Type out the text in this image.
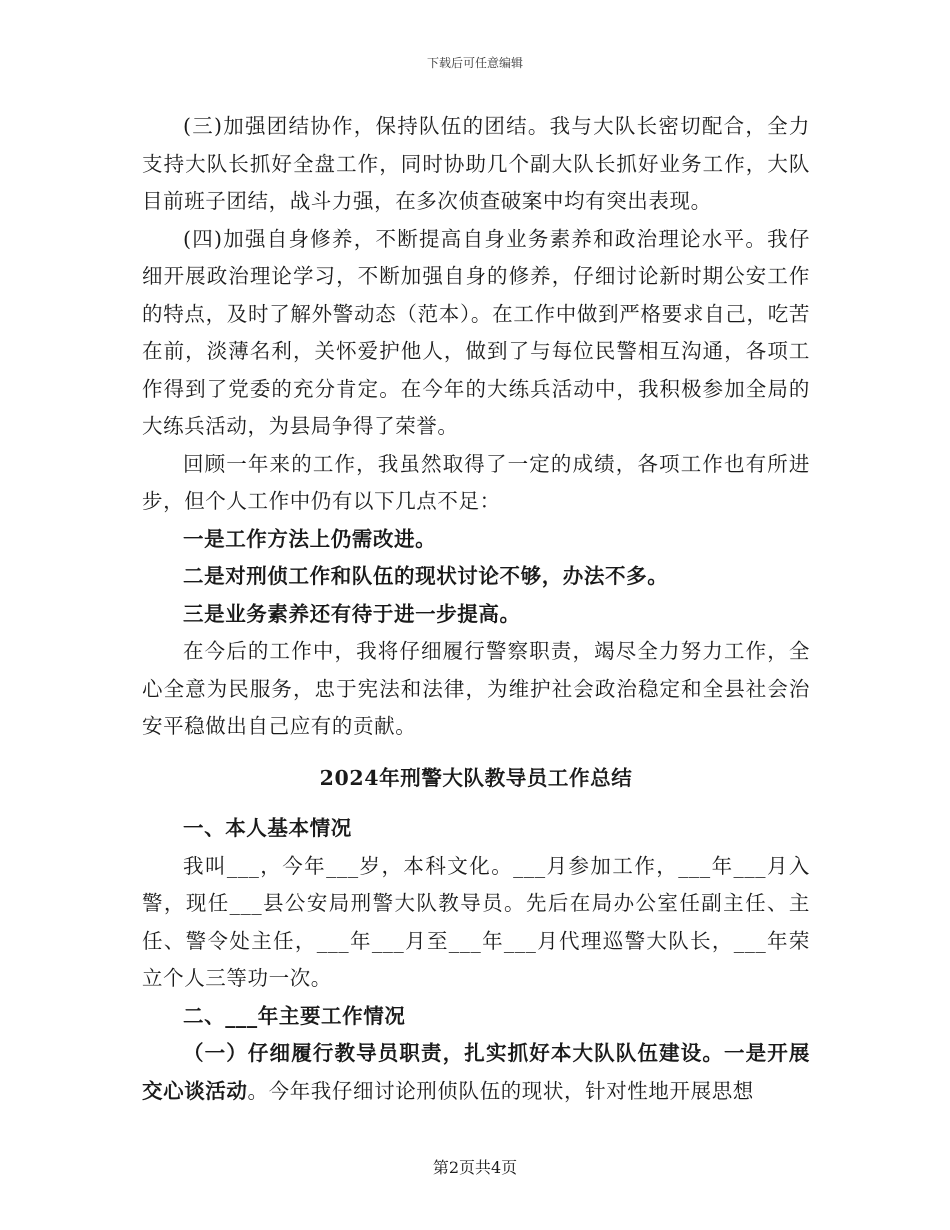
下载后可任意编辑

(三)加强团结协作，保持队伍的团结。我与大队长密切配合，全力支持大队长抓好全盘工作，同时协助几个副大队长抓好业务工作，大队目前班子团结，战斗力强，在多次侦查破案中均有突出表现。

(四)加强自身修养，不断提高自身业务素养和政治理论水平。我仔细开展政治理论学习，不断加强自身的修养，仔细讨论新时期公安工作的特点，及时了解外警动态（范本）。在工作中做到严格要求自己，吃苦在前，淡薄名利，关怀爱护他人，做到了与每位民警相互沟通，各项工作得到了党委的充分肯定。在今年的大练兵活动中，我积极参加全局的大练兵活动，为县局争得了荣誉。

回顾一年来的工作，我虽然取得了一定的成绩，各项工作也有所进步，但个人工作中仍有以下几点不足：

一是工作方法上仍需改进。

二是对刑侦工作和队伍的现状讨论不够，办法不多。

三是业务素养还有待于进一步提高。

在今后的工作中，我将仔细履行警察职责，竭尽全力努力工作，全心全意为民服务，忠于宪法和法律，为维护社会政治稳定和全县社会治安平稳做出自己应有的贡献。

2024年刑警大队教导员工作总结

一、本人基本情况

我叫___，今年___岁，本科文化。___月参加工作，___年___月入警，现任___县公安局刑警大队教导员。先后在局办公室任副主任、主任、警令处主任，___年___月至___年___月代理巡警大队长，___年荣立个人三等功一次。

二、___年主要工作情况

（一）仔细履行教导员职责，扎实抓好本大队队伍建设。一是开展交心谈活动。今年我仔细讨论刑侦队伍的现状，针对性地开展思想

第2页共4页
